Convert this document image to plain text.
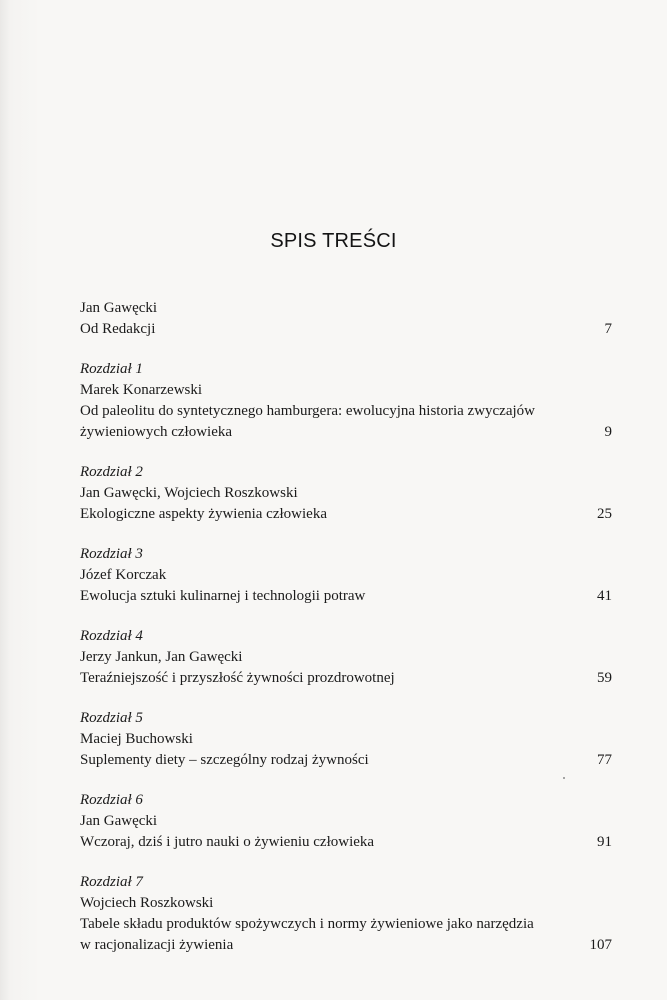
SPIS TREŚCI
Jan Gawęcki
Od Redakcji	7
Rozdział 1
Marek Konarzewski
Od paleolitu do syntetycznego hamburgera: ewolucyjna historia zwyczajów
żywieniowych człowieka	9
Rozdział 2
Jan Gawęcki, Wojciech Roszkowski
Ekologiczne aspekty żywienia człowieka	25
Rozdział 3
Józef Korczak
Ewolucja sztuki kulinarnej i technologii potraw	41
Rozdział 4
Jerzy Jankun, Jan Gawęcki
Teraźniejszość i przyszłość żywności prozdrowotnej	59
Rozdział 5
Maciej Buchowski
Suplementy diety – szczególny rodzaj żywności	77
Rozdział 6
Jan Gawęcki
Wczoraj, dziś i jutro nauki o żywieniu człowieka	91
Rozdział 7
Wojciech Roszkowski
Tabele składu produktów spożywczych i normy żywieniowe jako narzędzia
w racjonalizacji żywienia	107
